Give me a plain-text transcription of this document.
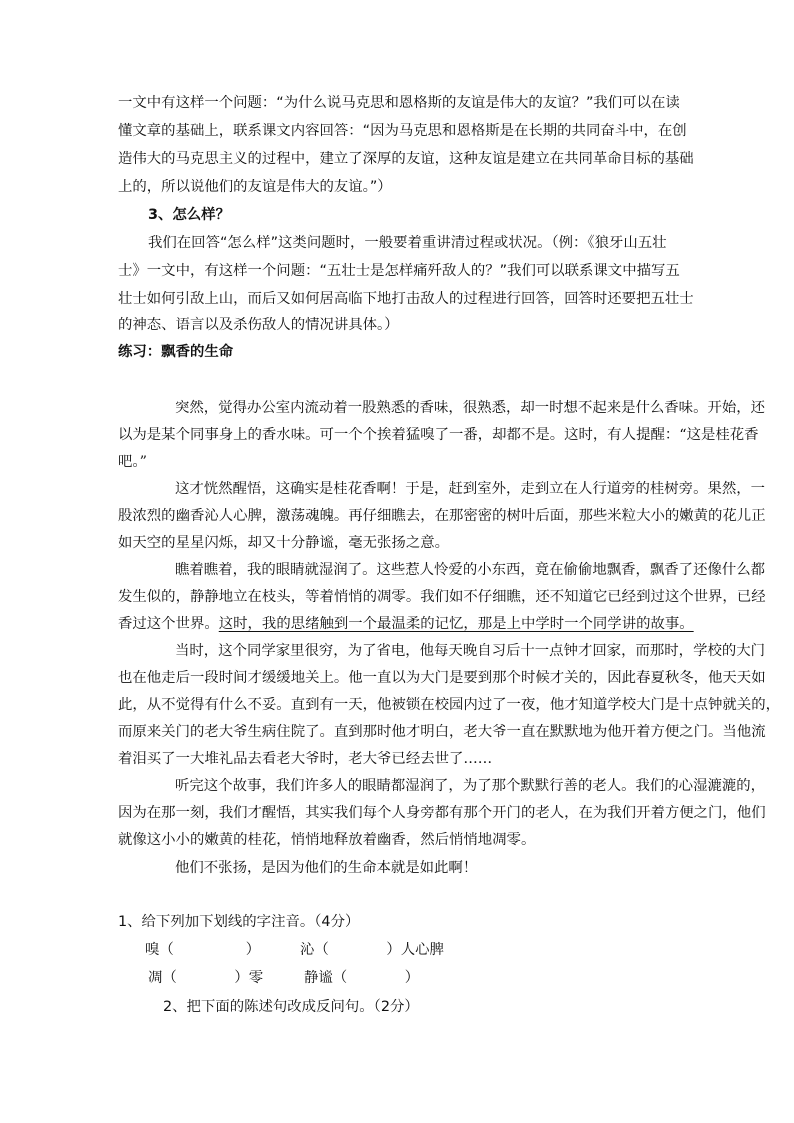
一文中有这样一个问题：“为什么说马克思和恩格斯的友谊是伟大的友谊？”我们可以在读
懂文章的基础上，联系课文内容回答：“因为马克思和恩格斯是在长期的共同奋斗中，在创
造伟大的马克思主义的过程中，建立了深厚的友谊，这种友谊是建立在共同革命目标的基础
上的，所以说他们的友谊是伟大的友谊。”）
3、怎么样？
我们在回答“怎么样”这类问题时，一般要着重讲清过程或状况。（例：《狼牙山五壮
士》一文中，有这样一个问题：“五壮士是怎样痛歼敌人的？”我们可以联系课文中描写五
壮士如何引敌上山，而后又如何居高临下地打击敌人的过程进行回答，回答时还要把五壮士
的神态、语言以及杀伤敌人的情况讲具体。）
练习：飘香的生命
突然，觉得办公室内流动着一股熟悉的香味，很熟悉，却一时想不起来是什么香味。开始，还
以为是某个同事身上的香水味。可一个个挨着猛嗅了一番，却都不是。这时，有人提醒：“这是桂花香
吧。”
这才恍然醒悟，这确实是桂花香啊！于是，赶到室外，走到立在人行道旁的桂树旁。果然，一
股浓烈的幽香沁人心脾，激荡魂魄。再仔细瞧去，在那密密的树叶后面，那些米粒大小的嫩黄的花儿正
如天空的星星闪烁，却又十分静谧，毫无张扬之意。
瞧着瞧着，我的眼睛就湿润了。这些惹人怜爱的小东西，竟在偷偷地飘香，飘香了还像什么都
发生似的，静静地立在枝头，等着悄悄的凋零。我们如不仔细瞧，还不知道它已经到过这个世界，已经
香过这个世界。这时，我的思绪触到一个最温柔的记忆，那是上中学时一个同学讲的故事。
当时，这个同学家里很穷，为了省电，他每天晚自习后十一点钟才回家，而那时，学校的大门
也在他走后一段时间才缓缓地关上。他一直以为大门是要到那个时候才关的，因此春夏秋冬，他天天如
此，从不觉得有什么不妥。直到有一天，他被锁在校园内过了一夜，他才知道学校大门是十点钟就关的，
而原来关门的老大爷生病住院了。直到那时他才明白，老大爷一直在默默地为他开着方便之门。当他流
着泪买了一大堆礼品去看老大爷时，老大爷已经去世了……
听完这个故事，我们许多人的眼睛都湿润了，为了那个默默行善的老人。我们的心湿漉漉的，
因为在那一刻，我们才醒悟，其实我们每个人身旁都有那个开门的老人，在为我们开着方便之门，他们
就像这小小的嫩黄的桂花，悄悄地释放着幽香，然后悄悄地凋零。
他们不张扬，是因为他们的生命本就是如此啊！
1、给下列加下划线的字注音。（4分）
嗅（　　　　　）	沁（　　　　）人心脾
凋（　　　　）零	静谧（　　　　）
2、把下面的陈述句改成反问句。（2分）
